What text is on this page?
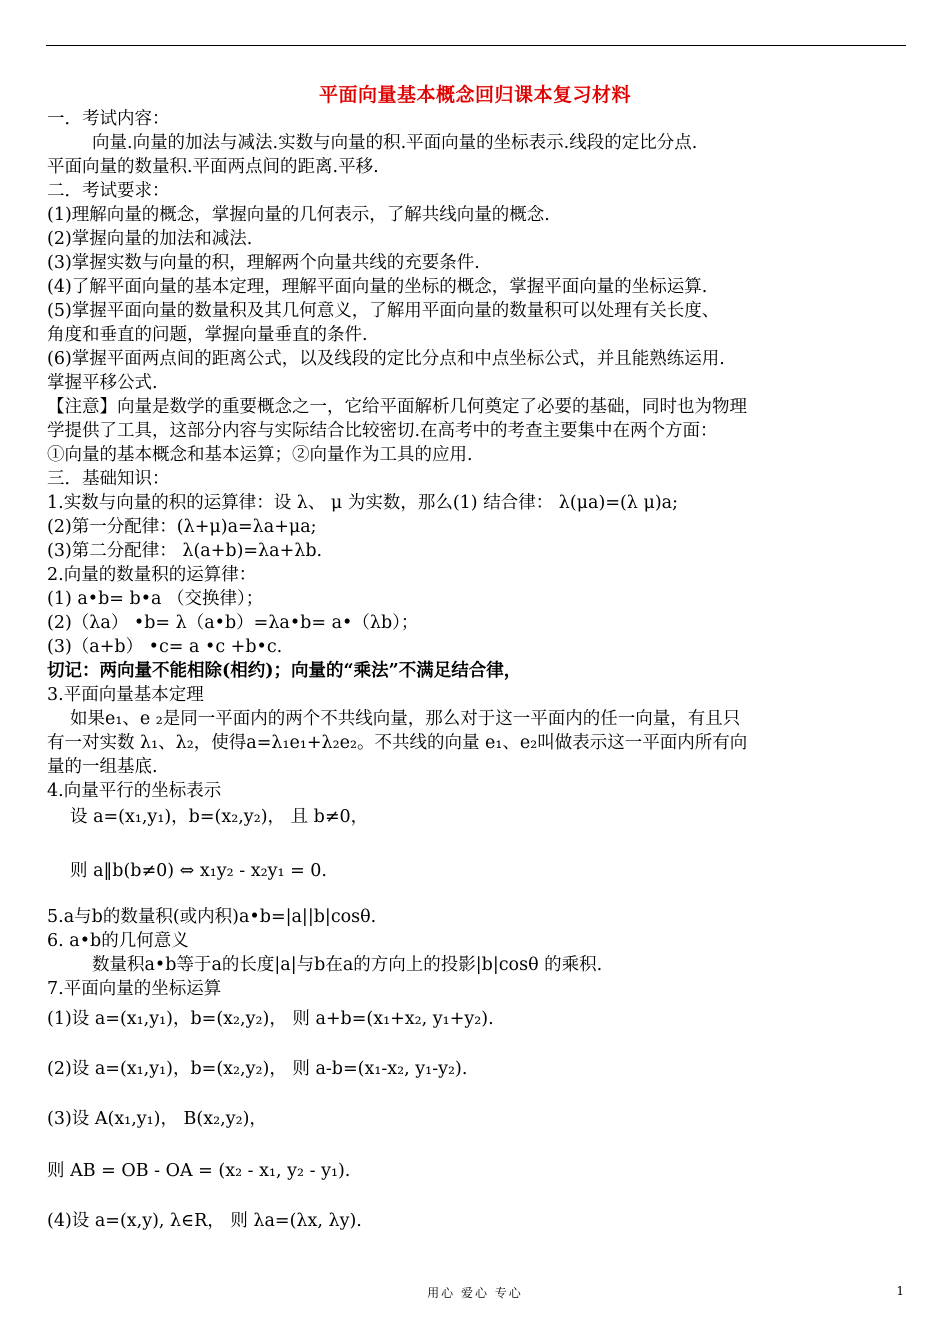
平面向量基本概念回归课本复习材料
一．考试内容：
向量.向量的加法与减法.实数与向量的积.平面向量的坐标表示.线段的定比分点.
平面向量的数量积.平面两点间的距离.平移.
二．考试要求：
(1)理解向量的概念，掌握向量的几何表示，了解共线向量的概念.
(2)掌握向量的加法和减法.
(3)掌握实数与向量的积，理解两个向量共线的充要条件.
(4)了解平面向量的基本定理，理解平面向量的坐标的概念，掌握平面向量的坐标运算.
(5)掌握平面向量的数量积及其几何意义，了解用平面向量的数量积可以处理有关长度、
角度和垂直的问题，掌握向量垂直的条件.
(6)掌握平面两点间的距离公式，以及线段的定比分点和中点坐标公式，并且能熟练运用.
掌握平移公式.
【注意】向量是数学的重要概念之一，它给平面解析几何奠定了必要的基础，同时也为物理
学提供了工具，这部分内容与实际结合比较密切.在高考中的考查主要集中在两个方面：
①向量的基本概念和基本运算；②向量作为工具的应用.
三．基础知识：
1.实数与向量的积的运算律：设 λ、 μ 为实数，那么(1) 结合律： λ(μa)=(λ μ)a;
(2)第一分配律：(λ+μ)a=λa+μa;
(3)第二分配律： λ(a+b)=λa+λb.
2.向量的数量积的运算律：
(1) a•b= b•a （交换律）；
(2)（λa） •b= λ（a•b）=λa•b= a•（λb）；
(3)（a+b） •c= a •c +b•c.
切记：两向量不能相除(相约)；向量的“乘法”不满足结合律，
3.平面向量基本定理
如果e₁、e ₂是同一平面内的两个不共线向量，那么对于这一平面内的任一向量，有且只
有一对实数 λ₁、λ₂，使得a=λ₁e₁+λ₂e₂。不共线的向量 e₁、e₂叫做表示这一平面内所有向
量的一组基底.
4.向量平行的坐标表示
设 a=(x₁,y₁)，b=(x₂,y₂)， 且 b≠0，
则 a‖b(b≠0) ⇔ x₁y₂ - x₂y₁ = 0.
5.a与b的数量积(或内积)a•b=|a||b|cosθ.
6. a•b的几何意义
数量积a•b等于a的长度|a|与b在a的方向上的投影|b|cosθ 的乘积.
7.平面向量的坐标运算
(1)设 a=(x₁,y₁)，b=(x₂,y₂)， 则 a+b=(x₁+x₂, y₁+y₂).
(2)设 a=(x₁,y₁)，b=(x₂,y₂)， 则 a-b=(x₁-x₂, y₁-y₂).
(3)设 A(x₁,y₁)， B(x₂,y₂)，
则 AB = OB - OA = (x₂ - x₁, y₂ - y₁).
(4)设 a=(x,y), λ∈R， 则 λa=(λx, λy).
用心 爱心 专心	1
